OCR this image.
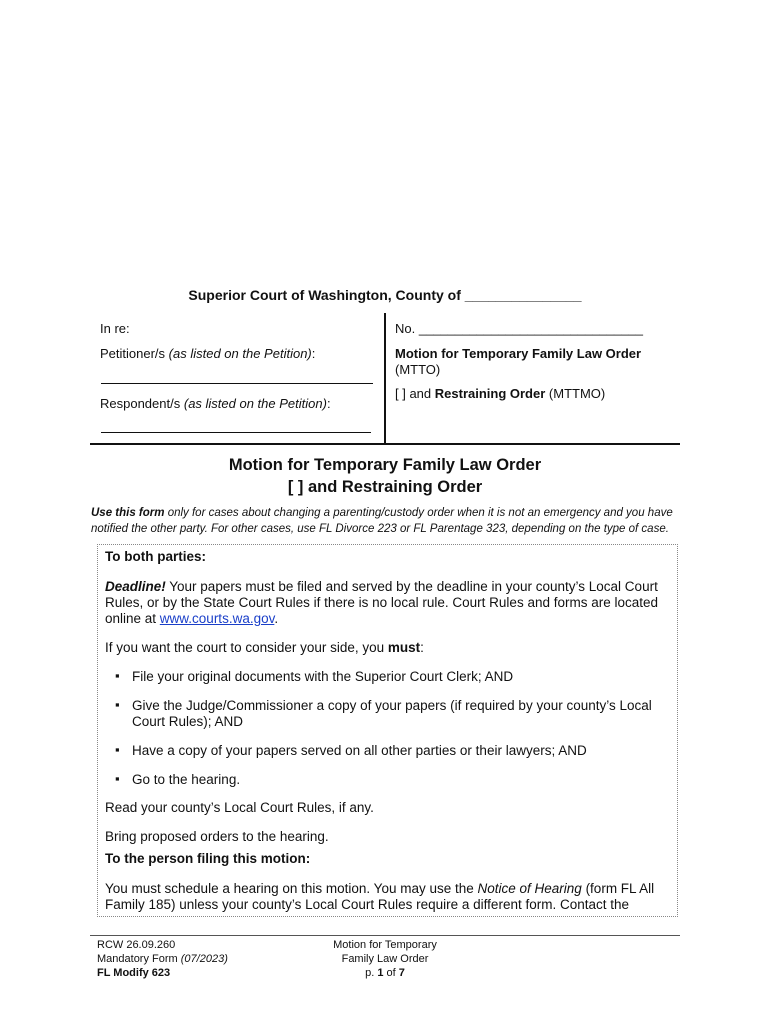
Superior Court of Washington, County of _______________
In re:
Petitioner/s (as listed on the Petition):
Respondent/s (as listed on the Petition):
No. _______________________________
Motion for Temporary Family Law Order
(MTTO)
[ ] and Restraining Order (MTTMO)
Motion for Temporary Family Law Order
[ ] and Restraining Order
Use this form only for cases about changing a parenting/custody order when it is not an emergency and you have notified the other party. For other cases, use FL Divorce 223 or FL Parentage 323, depending on the type of case.

To both parties:

Deadline! Your papers must be filed and served by the deadline in your county’s Local Court Rules, or by the State Court Rules if there is no local rule. Court Rules and forms are located online at www.courts.wa.gov.

If you want the court to consider your side, you must:

▪ File your original documents with the Superior Court Clerk; AND
▪ Give the Judge/Commissioner a copy of your papers (if required by your county’s Local Court Rules); AND
▪ Have a copy of your papers served on all other parties or their lawyers; AND
▪ Go to the hearing.

Read your county’s Local Court Rules, if any.

Bring proposed orders to the hearing.

To the person filing this motion:

You must schedule a hearing on this motion. You may use the Notice of Hearing (form FL All Family 185) unless your county’s Local Court Rules require a different form. Contact the

RCW 26.09.260
Mandatory Form (07/2023)
FL Modify 623
Motion for Temporary
Family Law Order
p. 1 of 7
